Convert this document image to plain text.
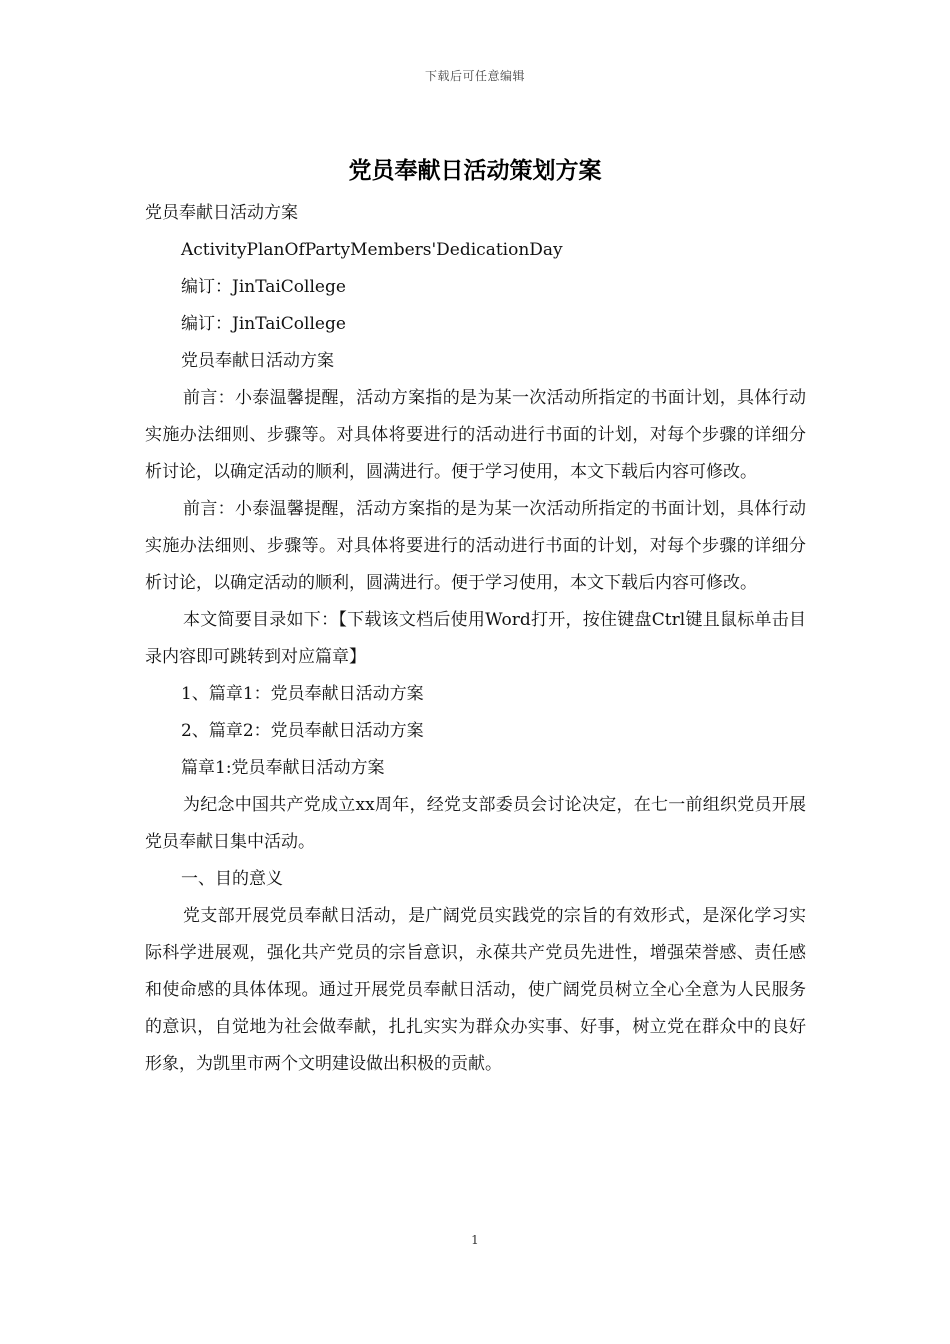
下载后可任意编辑
党员奉献日活动策划方案

党员奉献日活动方案

ActivityPlanOfPartyMembers'DedicationDay

编订：JinTaiCollege

编订：JinTaiCollege

党员奉献日活动方案

前言：小泰温馨提醒，活动方案指的是为某一次活动所指定的书面计划，具体行动实施办法细则、步骤等。对具体将要进行的活动进行书面的计划，对每个步骤的详细分析讨论，以确定活动的顺利，圆满进行。便于学习使用，本文下载后内容可修改。

前言：小泰温馨提醒，活动方案指的是为某一次活动所指定的书面计划，具体行动实施办法细则、步骤等。对具体将要进行的活动进行书面的计划，对每个步骤的详细分析讨论，以确定活动的顺利，圆满进行。便于学习使用，本文下载后内容可修改。

本文简要目录如下：【下载该文档后使用Word打开，按住键盘Ctrl键且鼠标单击目录内容即可跳转到对应篇章】

1、篇章1：党员奉献日活动方案

2、篇章2：党员奉献日活动方案

篇章1:党员奉献日活动方案

为纪念中国共产党成立xx周年，经党支部委员会讨论决定，在七一前组织党员开展党员奉献日集中活动。

一、目的意义

党支部开展党员奉献日活动，是广阔党员实践党的宗旨的有效形式，是深化学习实际科学进展观，强化共产党员的宗旨意识，永葆共产党员先进性，增强荣誉感、责任感和使命感的具体体现。通过开展党员奉献日活动，使广阔党员树立全心全意为人民服务的意识，自觉地为社会做奉献，扎扎实实为群众办实事、好事，树立党在群众中的良好形象，为凯里市两个文明建设做出积极的贡献。

1
